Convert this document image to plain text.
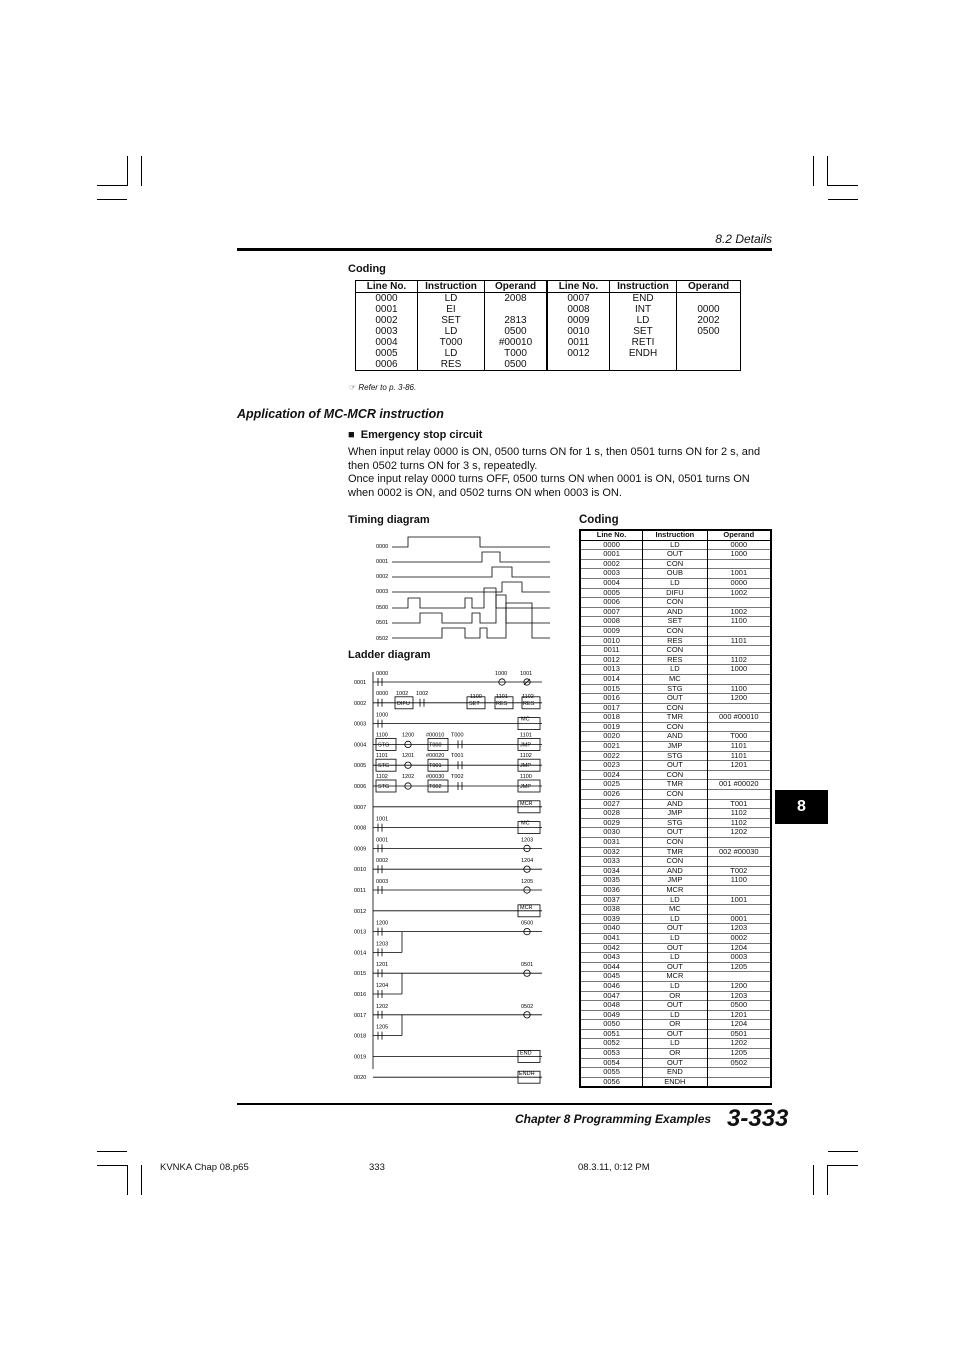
8.2 Details
Coding
Line No.	Instruction	Operand	Line No.	Instruction	Operand
0000	LD	2008	0007	END	
0001	EI		0008	INT	0000
0002	SET	2813	0009	LD	2002
0003	LD	0500	0010	SET	0500
0004	T000	#00010	0011	RETI	
0005	LD	T000	0012	ENDH	
0006	RES	0500			
☞ Refer to p. 3-86.
Application of MC-MCR instruction
■ Emergency stop circuit
When input relay 0000 is ON, 0500 turns ON for 1 s, then 0501 turns ON for 2 s, and then 0502 turns ON for 3 s, repeatedly.
Once input relay 0000 turns OFF, 0500 turns ON when 0001 is ON, 0501 turns ON when 0002 is ON, and 0502 turns ON when 0003 is ON.
Timing diagram
0000
0001
0002
0003
0500
0501
0502
Ladder diagram
0001
0002
0003
0004
0005
0006
0007
0008
0009
0010
0011
0012
0013
0014
0015
0016
0017
0018
0019
0020
0000	1000 1001
0000 1002 1002
DIFU
1100	1101	1102
SET	RES	RES
1000
MC
1100
STG
1200 #00010
T000
T000	1101
JMP
1101
STG
1201 #00020
T001
T001	1102
JMP
1102
STG
1202 #00030
T002
T002	1100
JMP
MCR
1001
MC
0001	1203
0002	1204
0003	1205
MCR
1200	0500
1203
1201	0501
1204
1202	0502
1205
END
ENDH
Coding
Line No.	Instruction	Operand
0000	LD	0000
0001	OUT	1000
0002	CON	
0003	OUB	1001
0004	LD	0000
0005	DIFU	1002
0006	CON	
0007	AND	1002
0008	SET	1100
0009	CON	
0010	RES	1101
0011	CON	
0012	RES	1102
0013	LD	1000
0014	MC	
0015	STG	1100
0016	OUT	1200
0017	CON	
0018	TMR	000 #00010
0019	CON	
0020	AND	T000
0021	JMP	1101
0022	STG	1101
0023	OUT	1201
0024	CON	
0025	TMR	001 #00020
0026	CON	
0027	AND	T001
0028	JMP	1102
0029	STG	1102
0030	OUT	1202
0031	CON	
0032	TMR	002 #00030
0033	CON	
0034	AND	T002
0035	JMP	1100
0036	MCR	
0037	LD	1001
0038	MC	
0039	LD	0001
0040	OUT	1203
0041	LD	0002
0042	OUT	1204
0043	LD	0003
0044	OUT	1205
0045	MCR	
0046	LD	1200
0047	OR	1203
0048	OUT	0500
0049	LD	1201
0050	OR	1204
0051	OUT	0501
0052	LD	1202
0053	OR	1205
0054	OUT	0502
0055	END	
0056	ENDH	
8
Chapter 8 Programming Examples 3-333
KVNKA Chap 08.p65	333	08.3.11, 0:12 PM
